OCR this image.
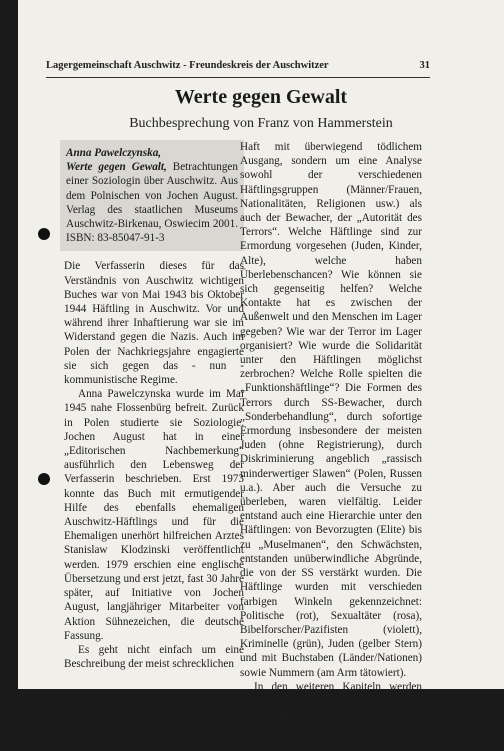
Lagergemeinschaft Auschwitz - Freundeskreis der Auschwitzer	31
Werte gegen Gewalt
Buchbesprechung von Franz von Hammerstein
Anna Pawelczynska,
Werte gegen Gewalt, Betrachtungen einer Soziologin über Auschwitz. Aus dem Polnischen von Jochen August. Verlag des staatlichen Museums Auschwitz-Birkenau, Oswiecim 2001. ISBN: 83-85047-91-3

Die Verfasserin dieses für das Verständnis von Auschwitz wichtigen Buches war von Mai 1943 bis Oktober 1944 Häftling in Auschwitz. Vor und während ihrer Inhaftierung war sie im Widerstand gegen die Nazis. Auch im Polen der Nachkriegsjahre engagierte sie sich gegen das - nun - kommunistische Regime.

Anna Pawelczynska wurde im Mai 1945 nahe Flossenbürg befreit. Zurück in Polen studierte sie Soziologie. Jochen August hat in einer „Editorischen Nachbemerkung“ ausführlich den Lebensweg der Verfasserin beschrieben. Erst 1973 konnte das Buch mit ermutigender Hilfe des ebenfalls ehemaligen Auschwitz-Häftlings und für die Ehemaligen unerhört hilfreichen Arztes Stanislaw Klodzinski veröffentlicht werden. 1979 erschien eine englische Übersetzung und erst jetzt, fast 30 Jahre später, auf Initiative von Jochen August, langjähriger Mitarbeiter von Aktion Sühnezeichen, die deutsche Fassung.

Es geht nicht einfach um eine Beschreibung der meist schrecklichen

Haft mit überwiegend tödlichem Ausgang, sondern um eine Analyse sowohl der verschiedenen Häftlingsgruppen (Männer/Frauen, Nationalitäten, Religionen usw.) als auch der Bewacher, der „Autorität des Terrors“. Welche Häftlinge sind zur Ermordung vorgesehen (Juden, Kinder, Alte), welche haben Überlebenschancen? Wie können sie sich gegenseitig helfen? Welche Kontakte hat es zwischen der Außenwelt und den Menschen im Lager gegeben? Wie war der Terror im Lager organisiert? Wie wurde die Solidarität unter den Häftlingen möglichst zerbrochen? Welche Rolle spielten die „Funktionshäftlinge“? Die Formen des Terrors durch SS-Bewacher, durch „Sonderbehandlung“, durch sofortige Ermordung insbesondere der meisten Juden (ohne Registrierung), durch Diskriminierung angeblich „rassisch minderwertiger Slawen“ (Polen, Russen u.a.). Aber auch die Versuche zu überleben, waren vielfältig. Leider entstand auch eine Hierarchie unter den Häftlingen: von Bevorzugten (Elite) bis zu „Muselmanen“, den Schwächsten, entstanden unüberwindliche Abgründe, die von der SS verstärkt wurden. Die Häftlinge wurden mit verschieden farbigen Winkeln gekennzeichnet: Politische (rot), Sexualtäter (rosa), Bibelforscher/Pazifisten (violett), Kriminelle (grün), Juden (gelber Stern) und mit Buchstaben (Länder/Nationen) sowie Nummern (am Arm tätowiert).

In den weiteren Kapiteln werden einzelne Aspekte des KZ geschildert, so die verschiedenen Orte, die Todesfabrik, die Zahlenstärke des Gewaltapparates, Liebe und Erotik, Kämpfe
